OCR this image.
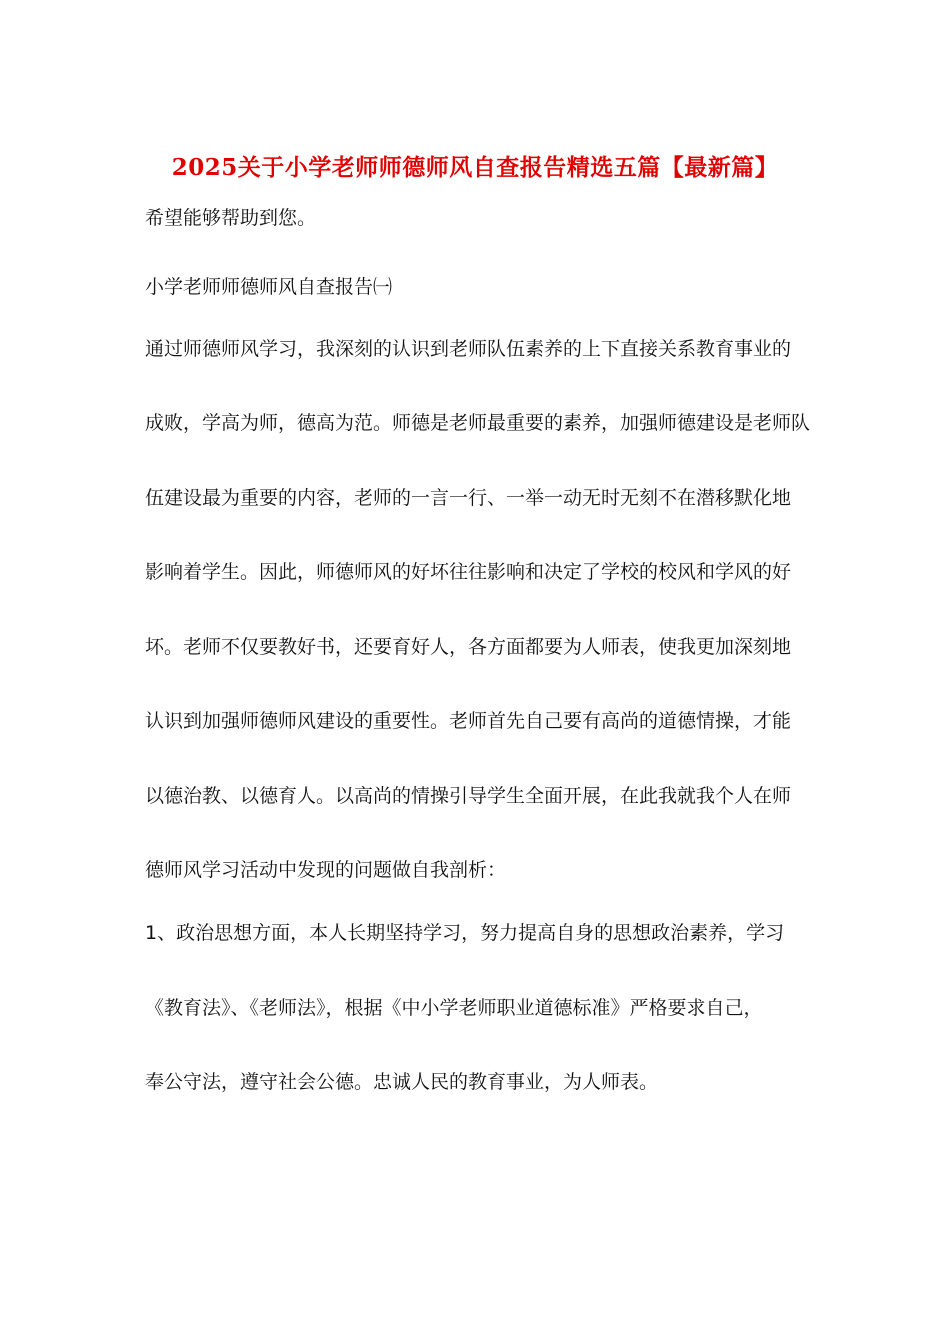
2025关于小学老师师德师风自查报告精选五篇【最新篇】
希望能够帮助到您。
小学老师师德师风自查报告㈠
通过师德师风学习，我深刻的认识到老师队伍素养的上下直接关系教育事业的
成败，学高为师，德高为范。师德是老师最重要的素养，加强师德建设是老师队
伍建设最为重要的内容，老师的一言一行、一举一动无时无刻不在潜移默化地
影响着学生。因此，师德师风的好坏往往影响和决定了学校的校风和学风的好
坏。老师不仅要教好书，还要育好人，各方面都要为人师表，使我更加深刻地
认识到加强师德师风建设的重要性。老师首先自己要有高尚的道德情操，才能
以德治教、以德育人。以高尚的情操引导学生全面开展，在此我就我个人在师
德师风学习活动中发现的问题做自我剖析：
1、政治思想方面，本人长期坚持学习，努力提高自身的思想政治素养，学习
《教育法》、《老师法》，根据《中小学老师职业道德标准》严格要求自己，
奉公守法，遵守社会公德。忠诚人民的教育事业，为人师表。
